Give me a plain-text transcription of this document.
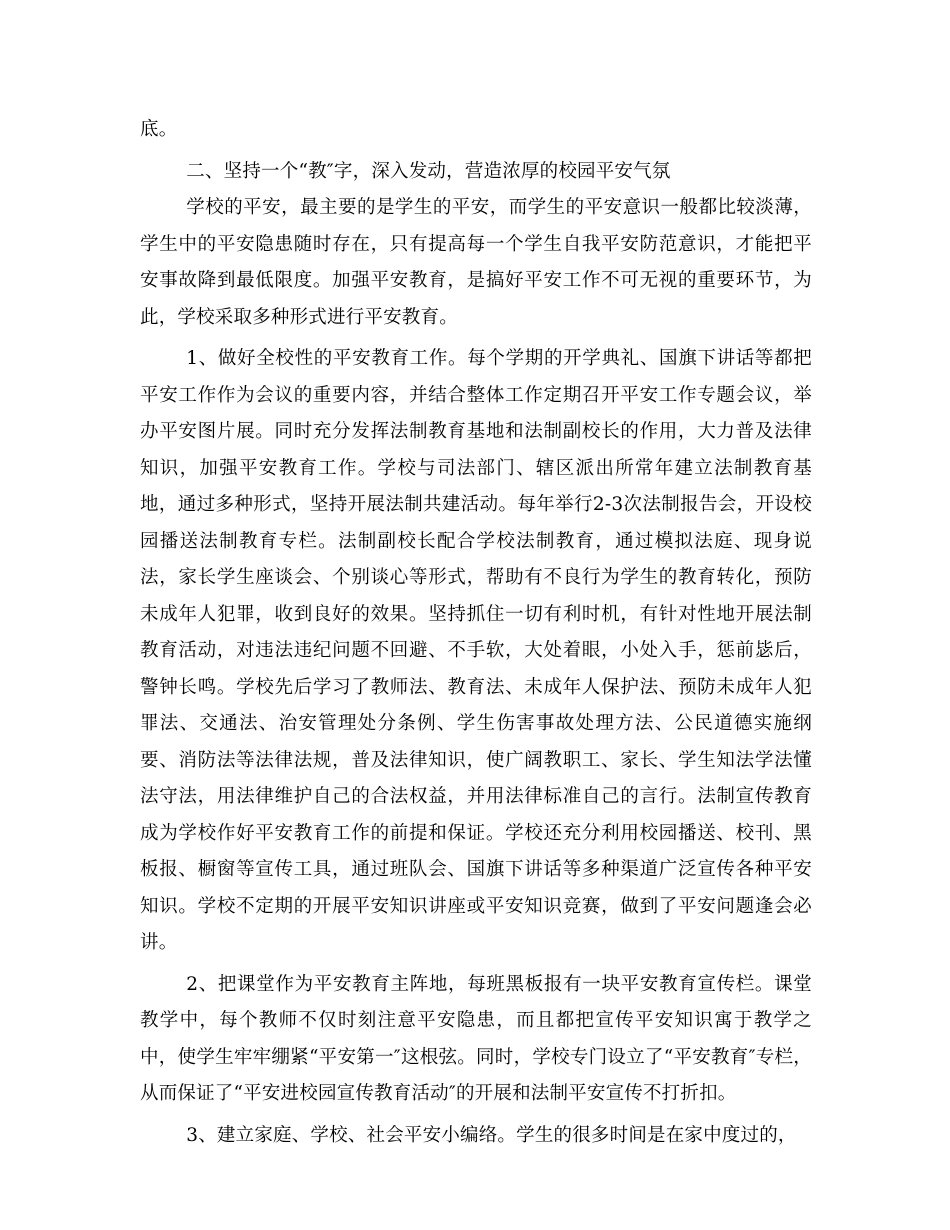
底。

二、坚持一个“教″字，深入发动，营造浓厚的校园平安气氛

学校的平安，最主要的是学生的平安，而学生的平安意识一般都比较淡薄，学生中的平安隐患随时存在，只有提高每一个学生自我平安防范意识，才能把平安事故降到最低限度。加强平安教育，是搞好平安工作不可无视的重要环节，为此，学校采取多种形式进行平安教育。

1、做好全校性的平安教育工作。每个学期的开学典礼、国旗下讲话等都把平安工作作为会议的重要内容，并结合整体工作定期召开平安工作专题会议，举办平安图片展。同时充分发挥法制教育基地和法制副校长的作用，大力普及法律知识，加强平安教育工作。学校与司法部门、辖区派出所常年建立法制教育基地，通过多种形式，坚持开展法制共建活动。每年举行2-3次法制报告会，开设校园播送法制教育专栏。法制副校长配合学校法制教育，通过模拟法庭、现身说法，家长学生座谈会、个别谈心等形式，帮助有不良行为学生的教育转化，预防未成年人犯罪，收到良好的效果。坚持抓住一切有利时机，有针对性地开展法制教育活动，对违法违纪问题不回避、不手软，大处着眼，小处入手，惩前毖后，警钟长鸣。学校先后学习了教师法、教育法、未成年人保护法、预防未成年人犯罪法、交通法、治安管理处分条例、学生伤害事故处理方法、公民道德实施纲要、消防法等法律法规，普及法律知识，使广阔教职工、家长、学生知法学法懂法守法，用法律维护自己的合法权益，并用法律标准自己的言行。法制宣传教育成为学校作好平安教育工作的前提和保证。学校还充分利用校园播送、校刊、黑板报、橱窗等宣传工具，通过班队会、国旗下讲话等多种渠道广泛宣传各种平安知识。学校不定期的开展平安知识讲座或平安知识竞赛，做到了平安问题逢会必讲。

2、把课堂作为平安教育主阵地，每班黑板报有一块平安教育宣传栏。课堂教学中，每个教师不仅时刻注意平安隐患，而且都把宣传平安知识寓于教学之中，使学生牢牢绷紧“平安第一″这根弦。同时，学校专门设立了“平安教育″专栏，从而保证了“平安进校园宣传教育活动″的开展和法制平安宣传不打折扣。

3、建立家庭、学校、社会平安小编络。学生的很多时间是在家中度过的，
